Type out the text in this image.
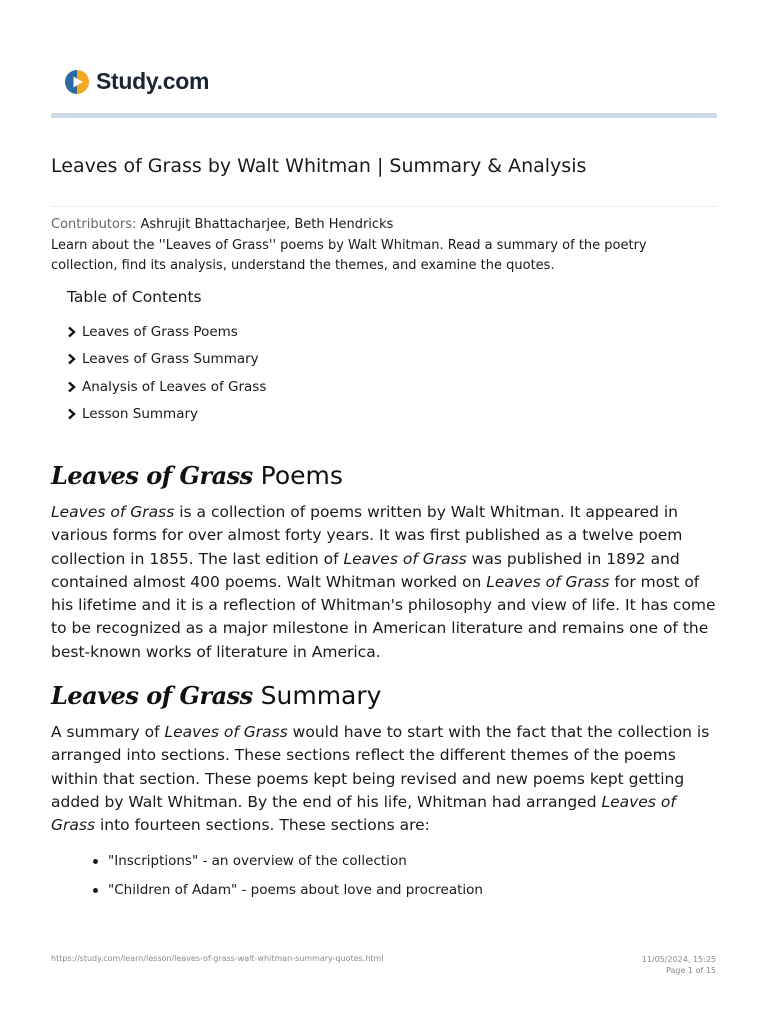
Study.com
Leaves of Grass by Walt Whitman | Summary & Analysis
Contributors: Ashrujit Bhattacharjee, Beth Hendricks
Learn about the ''Leaves of Grass'' poems by Walt Whitman. Read a summary of the poetry collection, find its analysis, understand the themes, and examine the quotes.
Table of Contents
Leaves of Grass Poems
Leaves of Grass Summary
Analysis of Leaves of Grass
Lesson Summary
Leaves of Grass Poems

Leaves of Grass is a collection of poems written by Walt Whitman. It appeared in various forms for over almost forty years. It was first published as a twelve poem collection in 1855. The last edition of Leaves of Grass was published in 1892 and contained almost 400 poems. Walt Whitman worked on Leaves of Grass for most of his lifetime and it is a reflection of Whitman's philosophy and view of life. It has come to be recognized as a major milestone in American literature and remains one of the best-known works of literature in America.

Leaves of Grass Summary

A summary of Leaves of Grass would have to start with the fact that the collection is arranged into sections. These sections reflect the different themes of the poems within that section. These poems kept being revised and new poems kept getting added by Walt Whitman. By the end of his life, Whitman had arranged Leaves of Grass into fourteen sections. These sections are:

"Inscriptions" - an overview of the collection
"Children of Adam" - poems about love and procreation
https://study.com/learn/lesson/leaves-of-grass-walt-whitman-summary-quotes.html	11/05/2024, 15:25
Page 1 of 15
